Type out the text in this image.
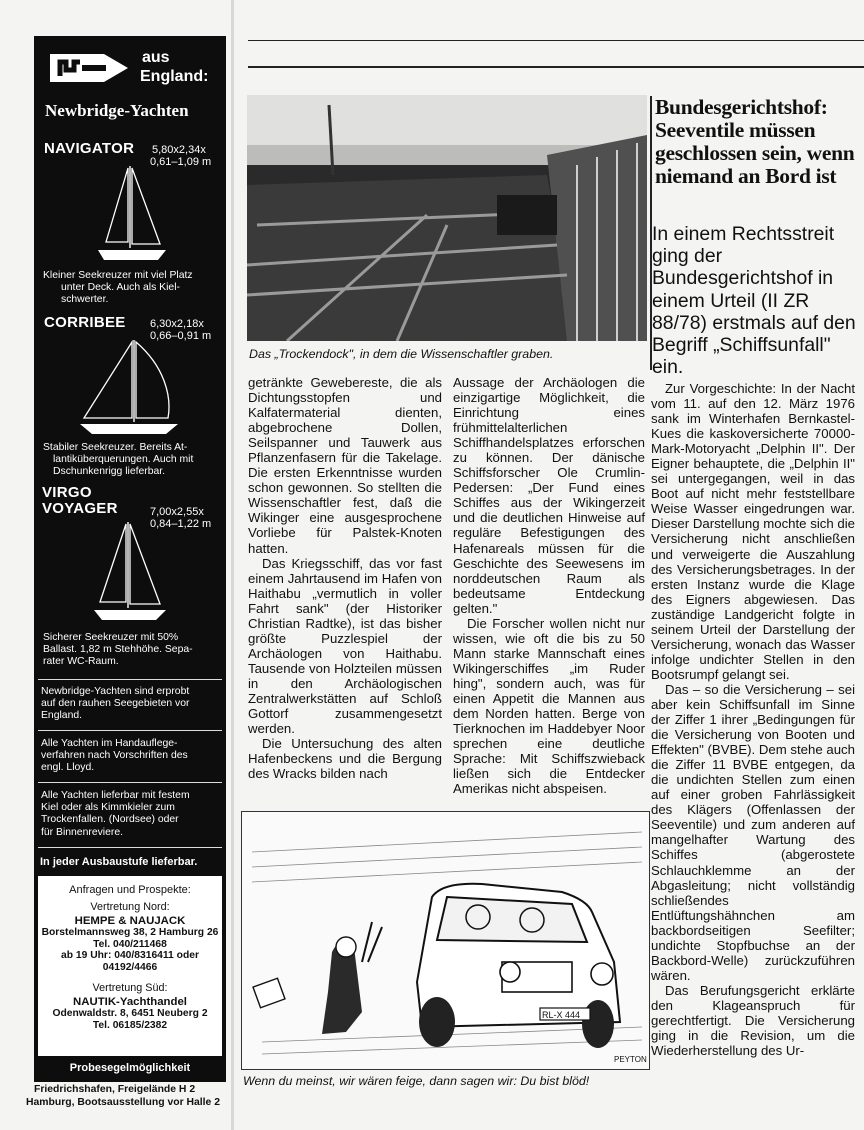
aus
England:
Newbridge-Yachten
NAVIGATOR 5,80x2,34x
0,61–1,09 m
Kleiner Seekreuzer mit viel Platz
unter Deck. Auch als Kiel-
schwerter.
CORRIBEE 6,30x2,18x
0,66–0,91 m
Stabiler Seekreuzer. Bereits At-
lantiküberquerungen. Auch mit
Dschunkenrigg lieferbar.
VIRGO
VOYAGER	7,00x2,55x
0,84–1,22 m
Sicherer Seekreuzer mit 50%
Ballast. 1,82 m Stehhöhe. Sepa-
rater WC-Raum.
Newbridge-Yachten sind erprobt
auf den rauhen Seegebieten vor
England.
Alle Yachten im Handauflege-
verfahren nach Vorschriften des
engl. Lloyd.
Alle Yachten lieferbar mit festem
Kiel oder als Kimmkieler zum
Trockenfallen. (Nordsee) oder
für Binnenreviere.
In jeder Ausbaustufe lieferbar.
Anfragen und Prospekte:
Vertretung Nord:
HEMPE & NAUJACK
Borstelmannsweg 38, 2 Hamburg 26
Tel. 040/211468
ab 19 Uhr: 040/8316411 oder
04192/4466
Vertretung Süd:
NAUTIK-Yachthandel
Odenwaldstr. 8, 6451 Neuberg 2
Tel. 06185/2382
Probesegelmöglichkeit
Friedrichshafen, Freigelände H 2
Hamburg, Bootsausstellung vor Halle 2
Das „Trockendock", in dem die Wissenschaftler graben.

getränkte Gewebereste, die als Dichtungsstopfen und Kalfatermaterial dienten, abgebrochene Dollen, Seilspanner und Tauwerk aus Pflanzenfasern für die Takelage. Die ersten Erkenntnisse wurden schon gewonnen. So stellten die Wissenschaftler fest, daß die Wikinger eine ausgesprochene Vorliebe für Palstek-Knoten hatten.

Das Kriegsschiff, das vor fast einem Jahrtausend im Hafen von Haithabu „vermutlich in voller Fahrt sank" (der Historiker Christian Radtke), ist das bisher größte Puzzlespiel der Archäologen von Haithabu. Tausende von Holzteilen müssen in den Archäologischen Zentralwerkstätten auf Schloß Gottorf zusammengesetzt werden.

Die Untersuchung des alten Hafenbeckens und die Bergung des Wracks bilden nach

Aussage der Archäologen die einzigartige Möglichkeit, die Einrichtung eines frühmittelalterlichen Schiffhandelsplatzes erforschen zu können. Der dänische Schiffsforscher Ole Crumlin-Pedersen: „Der Fund eines Schiffes aus der Wikingerzeit und die deutlichen Hinweise auf reguläre Befestigungen des Hafenareals müssen für die Geschichte des Seewesens im norddeutschen Raum als bedeutsame Entdeckung gelten."

Die Forscher wollen nicht nur wissen, wie oft die bis zu 50 Mann starke Mannschaft eines Wikingerschiffes „im Ruder hing", sondern auch, was für einen Appetit die Mannen aus dem Norden hatten. Berge von Tierknochen im Haddebyer Noor sprechen eine deutliche Sprache: Mit Schiffszwieback ließen sich die Entdecker Amerikas nicht abspeisen.

RL-X 444
PEYTON
Wenn du meinst, wir wären feige, dann sagen wir: Du bist blöd!
Bundesgerichtshof: Seeventile müssen geschlossen sein, wenn niemand an Bord ist
In einem Rechtsstreit ging der Bundesgerichtshof in einem Urteil (II ZR 88/78) erstmals auf den Begriff „Schiffsunfall" ein.

Zur Vorgeschichte: In der Nacht vom 11. auf den 12. März 1976 sank im Winterhafen Bernkastel-Kues die kaskoversicherte 70000-Mark-Motoryacht „Delphin II". Der Eigner behauptete, die „Delphin II" sei untergegangen, weil in das Boot auf nicht mehr feststellbare Weise Wasser eingedrungen war. Dieser Darstellung mochte sich die Versicherung nicht anschließen und verweigerte die Auszahlung des Versicherungsbetrages. In der ersten Instanz wurde die Klage des Eigners abgewiesen. Das zuständige Landgericht folgte in seinem Urteil der Darstellung der Versicherung, wonach das Wasser infolge undichter Stellen in den Bootsrumpf gelangt sei.

Das – so die Versicherung – sei aber kein Schiffsunfall im Sinne der Ziffer 1 ihrer „Bedingungen für die Versicherung von Booten und Effekten" (BVBE). Dem stehe auch die Ziffer 11 BVBE entgegen, da die undichten Stellen zum einen auf einer groben Fahrlässigkeit des Klägers (Offenlassen der Seeventile) und zum anderen auf mangelhafter Wartung des Schiffes (abgerostete Schlauchklemme an der Abgasleitung; nicht vollständig schließendes Entlüftungshähnchen am backbordseitigen Seefilter; undichte Stopfbuchse an der Backbord-Welle) zurückzuführen wären.

Das Berufungsgericht erklärte den Klageanspruch für gerechtfertigt. Die Versicherung ging in die Revision, um die Wiederherstellung des Ur-
